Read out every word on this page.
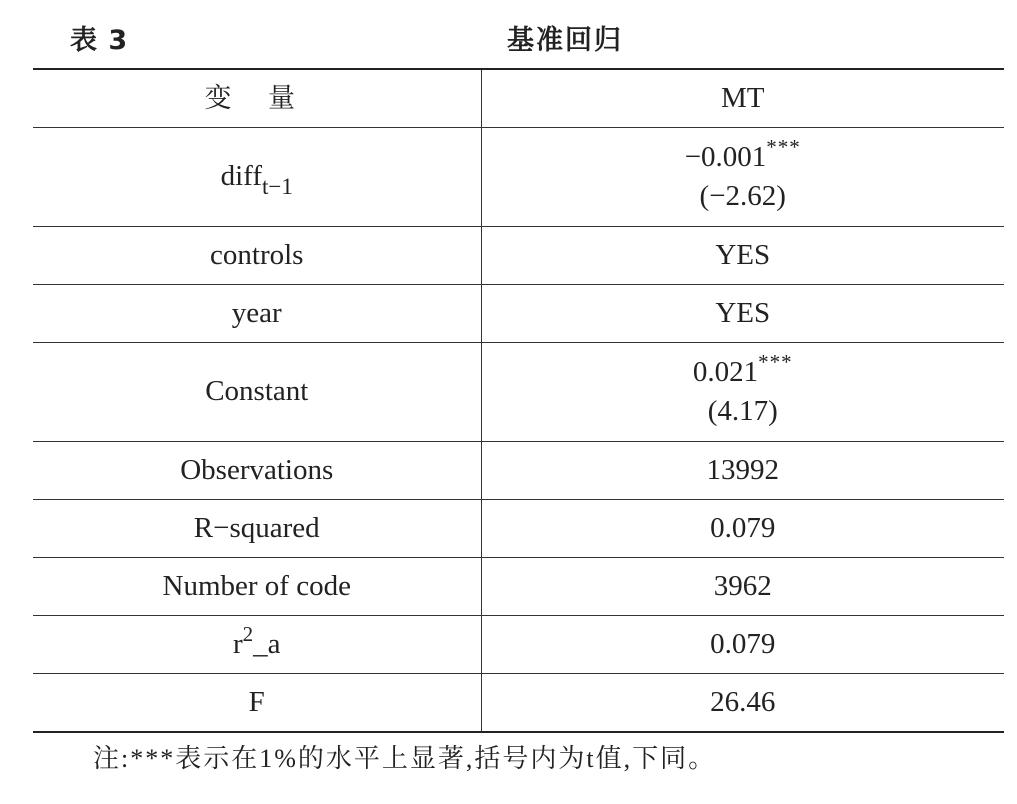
表 3	基准回归
变 量	MT
diff$_{t-1}$	−0.001***
(−2.62)

controls	YES
year	YES
Constant	0.021***
(4.17)

Observations	13992
R−squared	0.079
Number of code	3962
$r^2\_a$	0.079
F	26.46
注:***表示在1%的水平上显著,括号内为t值,下同。
